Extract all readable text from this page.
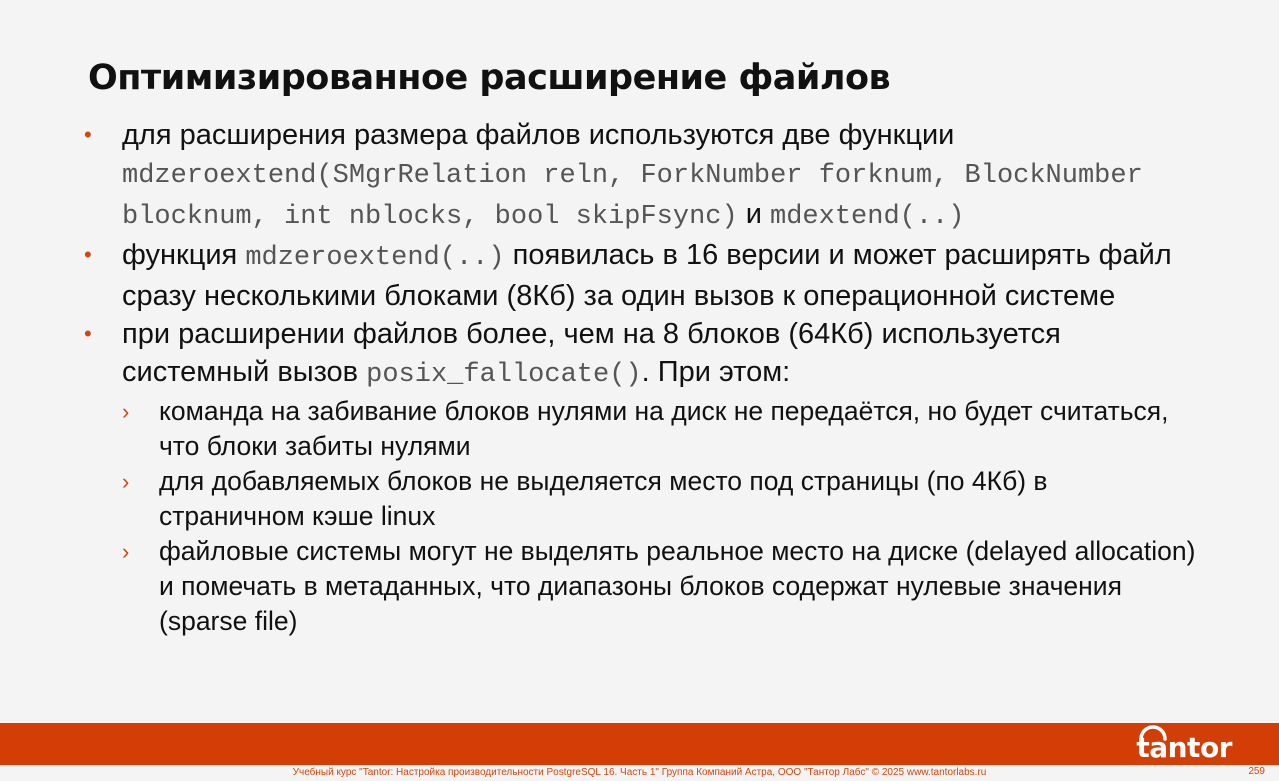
Оптимизированное расширение файлов
• для расширения размера файлов используются две функции mdzeroextend(SMgrRelation reln, ForkNumber forknum, BlockNumber blocknum, int nblocks, bool skipFsync) и mdextend(..)
• функция mdzeroextend(..) появилась в 16 версии и может расширять файл сразу несколькими блоками (8Кб) за один вызов к операционной системе
• при расширении файлов более, чем на 8 блоков (64Кб) используется системный вызов posix_fallocate(). При этом:
› команда на забивание блоков нулями на диск не передаётся, но будет считаться, что блоки забиты нулями
› для добавляемых блоков не выделяется место под страницы (по 4Кб) в страничном кэше linux
› файловые системы могут не выделять реальное место на диске (delayed allocation) и помечать в метаданных, что диапазоны блоков содержат нулевые значения (sparse file)
tantor
Учебный курс "Tantor: Настройка производительности PostgreSQL 16. Часть 1" Группа Компаний Астра, ООО "Тантор Лабс" © 2025 www.tantorlabs.ru	259
